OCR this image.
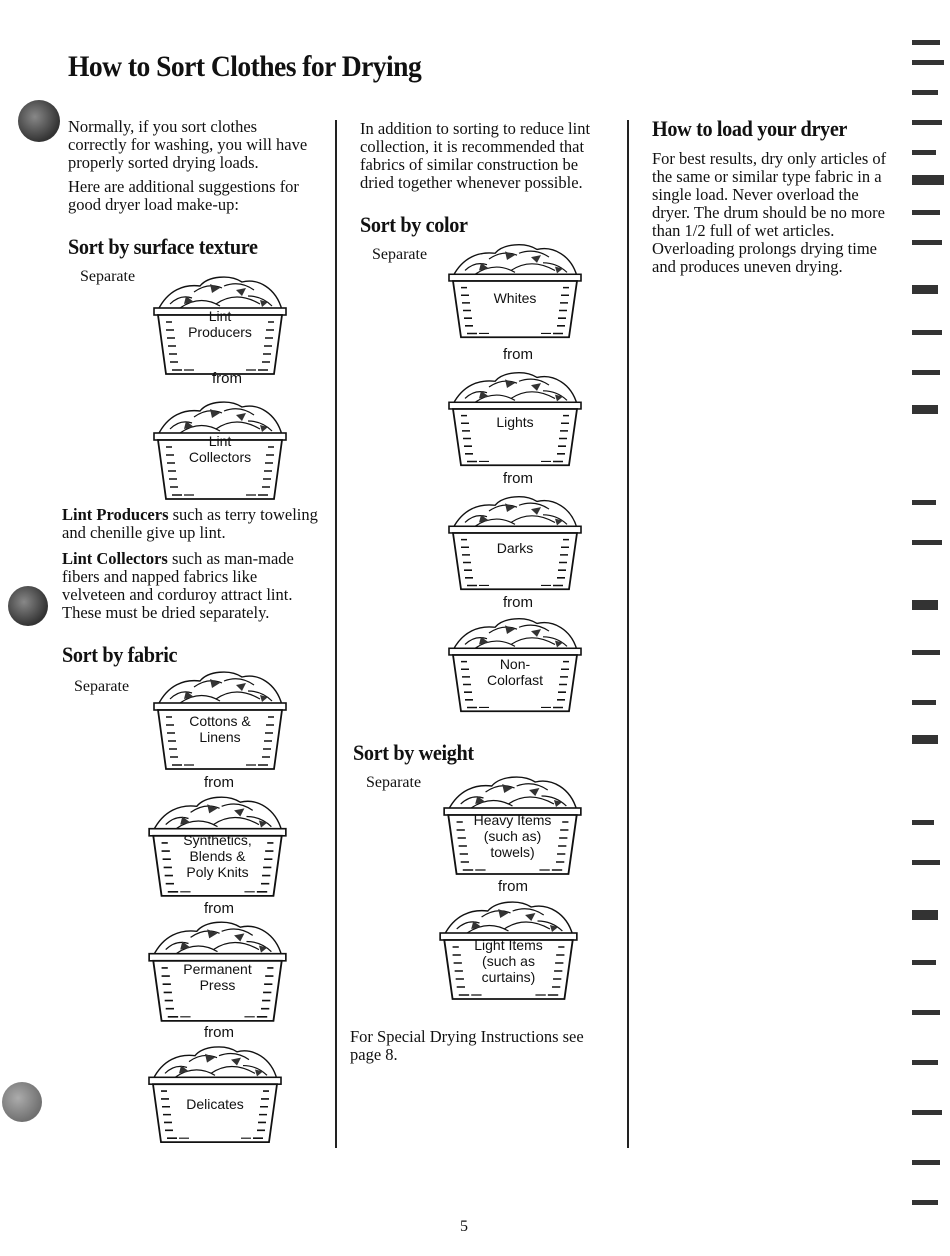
How to Sort Clothes for Drying
Normally, if you sort clothes correctly for washing, you will have properly sorted drying loads.
Here are additional suggestions for good dryer load make-up:
Sort by surface texture
Separate
Lint
Producers
from
Lint
Collectors
Lint Producers such as terry toweling and chenille give up lint.
Lint Collectors such as man-made fibers and napped fabrics like velveteen and corduroy attract lint. These must be dried separately.
Sort by fabric
Separate
Cottons &
Linens
from
Synthetics,
Blends &
Poly Knits
from
Permanent
Press
from
Delicates
In addition to sorting to reduce lint collection, it is recommended that fabrics of similar construction be dried together whenever possible.
Sort by color
Separate
Whites
from
Lights
from
Darks
from
Non-
Colorfast
Sort by weight
Separate
Heavy Items
(such as)
towels)
from
Light Items
(such as
curtains)
For Special Drying Instructions see page 8.
How to load your dryer
For best results, dry only articles of the same or similar type fabric in a single load. Never overload the dryer. The drum should be no more than 1/2 full of wet articles. Overloading prolongs drying time and produces uneven drying.
5
